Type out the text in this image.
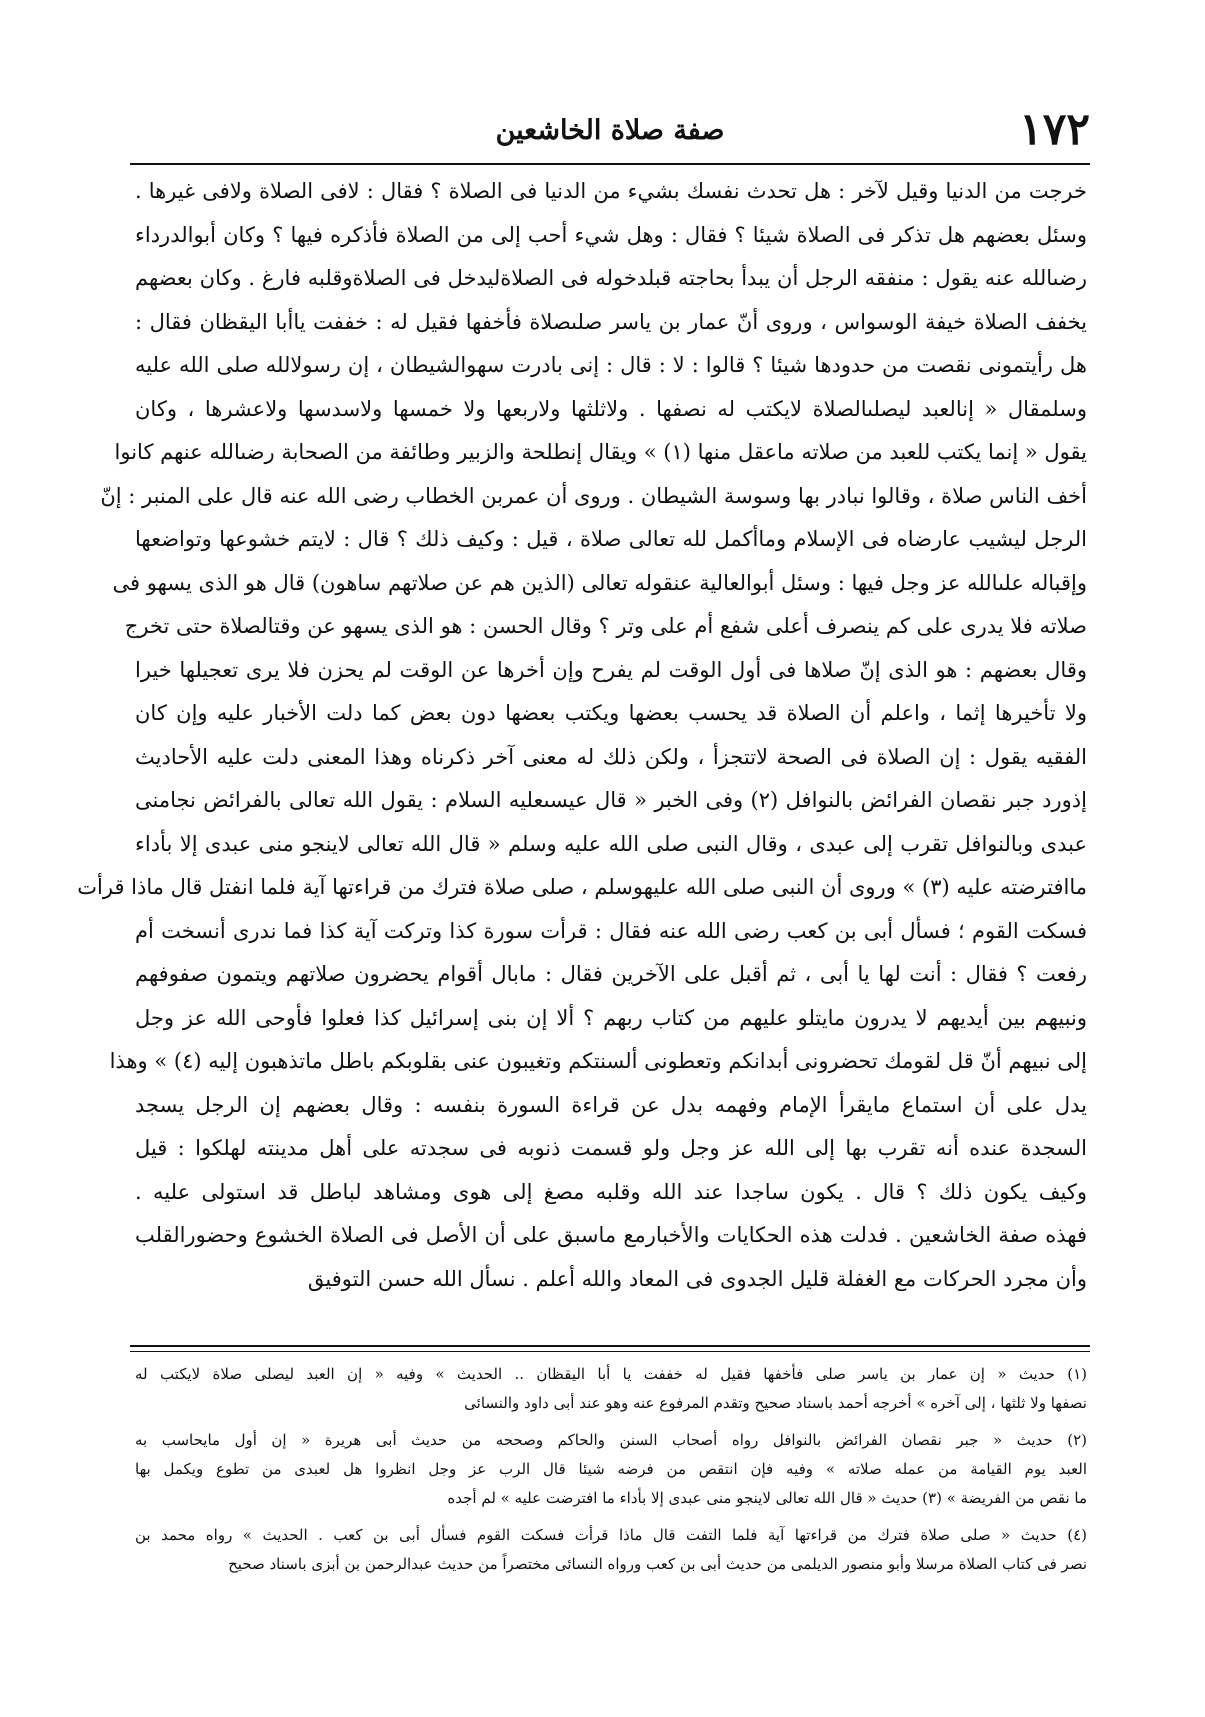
١٧٢
صفة صلاة الخاشعين
خرجت من الدنيا وقيل لآخر : هل تحدث نفسك بشيء من الدنيا فى الصلاة ؟ فقال : لافى الصلاة ولافى غيرها .
وسئل بعضهم هل تذكر فى الصلاة شيئا ؟ فقال : وهل شيء أحب إلى من الصلاة فأذكره فيها ؟ وكان أبوالدرداء
رضىالله عنه يقول : منفقه الرجل أن يبدأ بحاجته قبلدخوله فى الصلاةليدخل فى الصلاةوقلبه فارغ . وكان بعضهم
يخفف الصلاة خيفة الوسواس ، وروى أنّ عمار بن ياسر صلىصلاة فأخفها فقيل له : خففت ياأبا اليقظان فقال :
هل رأيتمونى نقصت من حدودها شيئا ؟ قالوا : لا : قال : إنى بادرت سهوالشيطان ، إن رسولالله صلى الله عليه
وسلمقال « إنالعبد ليصلىالصلاة لايكتب له نصفها . ولاثلثها ولاربعها ولا خمسها ولاسدسها ولاعشرها ، وكان
يقول « إنما يكتب للعبد من صلاته ماعقل منها (١) » ويقال إنطلحة والزبير وطائفة من الصحابة رضىالله عنهم كانوا
أخف الناس صلاة ، وقالوا نبادر بها وسوسة الشيطان . وروى أن عمربن الخطاب رضى الله عنه قال على المنبر : إنّ
الرجل ليشيب عارضاه فى الإسلام وماأكمل لله تعالى صلاة ، قيل : وكيف ذلك ؟ قال : لايتم خشوعها وتواضعها
وإقباله علىالله عز وجل فيها : وسئل أبوالعالية عنقوله تعالى (الذين هم عن صلاتهم ساهون) قال هو الذى يسهو فى
صلاته فلا يدرى على كم ينصرف أعلى شفع أم على وتر ؟ وقال الحسن : هو الذى يسهو عن وقتالصلاة حتى تخرج
وقال بعضهم : هو الذى إنّ صلاها فى أول الوقت لم يفرح وإن أخرها عن الوقت لم يحزن فلا يرى تعجيلها خيرا
ولا تأخيرها إثما ، واعلم أن الصلاة قد يحسب بعضها ويكتب بعضها دون بعض كما دلت الأخبار عليه وإن كان
الفقيه يقول : إن الصلاة فى الصحة لاتتجزأ ، ولكن ذلك له معنى آخر ذكرناه وهذا المعنى دلت عليه الأحاديث
إذورد جبر نقصان الفرائض بالنوافل (٢) وفى الخبر « قال عيسىعليه السلام : يقول الله تعالى بالفرائض نجامنى
عبدى وبالنوافل تقرب إلى عبدى ، وقال النبى صلى الله عليه وسلم « قال الله تعالى لاينجو منى عبدى إلا بأداء
ماافترضته عليه (٣) » وروى أن النبى صلى الله عليهوسلم ، صلى صلاة فترك من قراءتها آية فلما انفتل قال ماذا قرأت
فسكت القوم ؛ فسأل أبى بن كعب رضى الله عنه فقال : قرأت سورة كذا وتركت آية كذا فما ندرى أنسخت أم
رفعت ؟ فقال : أنت لها يا أبى ، ثم أقبل على الآخرين فقال : مابال أقوام يحضرون صلاتهم ويتمون صفوفهم
ونبيهم بين أيديهم لا يدرون مايتلو عليهم من كتاب ربهم ؟ ألا إن بنى إسرائيل كذا فعلوا فأوحى الله عز وجل
إلى نبيهم أنّ قل لقومك تحضرونى أبدانكم وتعطونى ألسنتكم وتغيبون عنى بقلوبكم باطل ماتذهبون إليه (٤) » وهذا
يدل على أن استماع مايقرأ الإمام وفهمه بدل عن قراءة السورة بنفسه : وقال بعضهم إن الرجل يسجد
السجدة عنده أنه تقرب بها إلى الله عز وجل ولو قسمت ذنوبه فى سجدته على أهل مدينته لهلكوا : قيل
وكيف يكون ذلك ؟ قال . يكون ساجدا عند الله وقلبه مصغ إلى هوى ومشاهد لباطل قد استولى عليه .
فهذه صفة الخاشعين . فدلت هذه الحكايات والأخبارمع ماسبق على أن الأصل فى الصلاة الخشوع وحضورالقلب
وأن مجرد الحركات مع الغفلة قليل الجدوى فى المعاد والله أعلم . نسأل الله حسن التوفيق
(١) حديث « إن عمار بن ياسر صلى فأخفها فقيل له خففت يا أبا اليقظان .. الحديث » وفيه « إن العبد ليصلى صلاة لايكتب له
نصفها ولا ثلثها ، إلى آخره » أخرجه أحمد باسناد صحيح وتقدم المرفوع عنه وهو عند أبى داود والنسائى
(٢) حديث « جبر نقصان الفرائض بالنوافل رواه أصحاب السنن والحاكم وصححه من حديث أبى هريرة « إن أول مايحاسب به
العبد يوم القيامة من عمله صلاته » وفيه فإن انتقص من فرضه شيئا قال الرب عز وجل انظروا هل لعبدى من تطوع ويكمل بها
ما نقص من الفريضة » (٣) حديث « قال الله تعالى لاينجو منى عبدى إلا بأداء ما افترضت عليه » لم أجده
(٤) حديث « صلى صلاة فترك من قراءتها آية فلما التفت قال ماذا قرأت فسكت القوم فسأل أبى بن كعب . الحديث » رواه محمد بن
نصر فى كتاب الصلاة مرسلا وأبو منصور الديلمى من حديث أبى بن كعب ورواه النسائى مختصراً من حديث عبدالرحمن بن أبزى باسناد صحيح
